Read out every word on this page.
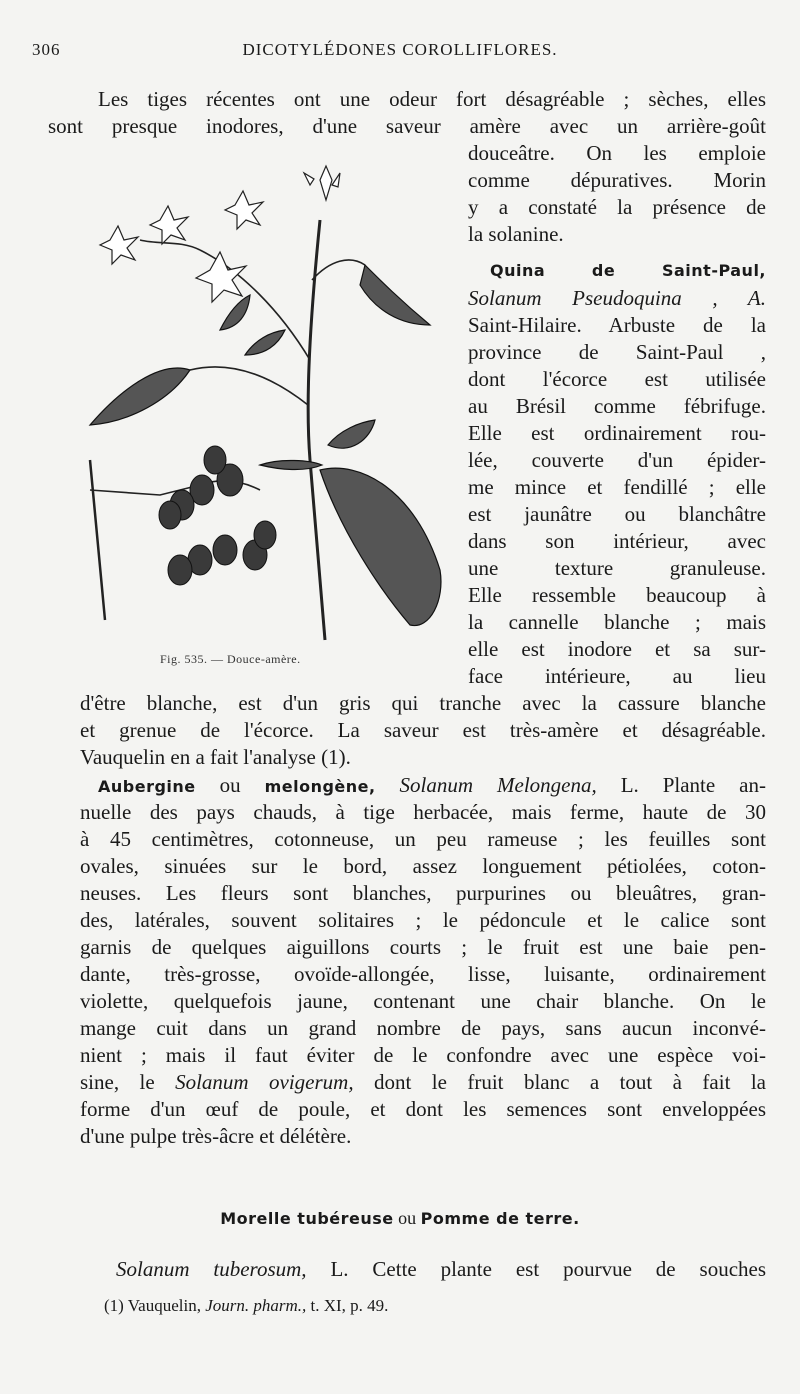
306	DICOTYLÉDONES COROLLIFLORES.
Les tiges récentes ont une odeur fort désagréable ; sèches, elles
sont presque inodores, d'une saveur amère avec un arrière-goût
douceâtre. On les emploie
comme dépuratives. Morin
y a constaté la présence de
la solanine.
Quina de Saint-Paul,
Solanum Pseudoquina , A.
Saint-Hilaire. Arbuste de la
province de Saint-Paul ,
dont l'écorce est utilisée
au Brésil comme fébrifuge.
Elle est ordinairement rou-
lée, couverte d'un épider-
me mince et fendillé ; elle
est jaunâtre ou blanchâtre
dans son intérieur, avec
une texture granuleuse.
Elle ressemble beaucoup à
la cannelle blanche ; mais
elle est inodore et sa sur-
face intérieure, au lieu
d'être blanche, est d'un gris qui tranche avec la cassure blanche
et grenue de l'écorce. La saveur est très-amère et désagréable.
Vauquelin en a fait l'analyse (1).
Aubergine ou melongène, Solanum Melongena, L. Plante an-
nuelle des pays chauds, à tige herbacée, mais ferme, haute de 30
à 45 centimètres, cotonneuse, un peu rameuse ; les feuilles sont
ovales, sinuées sur le bord, assez longuement pétiolées, coton-
neuses. Les fleurs sont blanches, purpurines ou bleuâtres, gran-
des, latérales, souvent solitaires ; le pédoncule et le calice sont
garnis de quelques aiguillons courts ; le fruit est une baie pen-
dante, très-grosse, ovoïde-allongée, lisse, luisante, ordinairement
violette, quelquefois jaune, contenant une chair blanche. On le
mange cuit dans un grand nombre de pays, sans aucun inconvé-
nient ; mais il faut éviter de le confondre avec une espèce voi-
sine, le Solanum ovigerum, dont le fruit blanc a tout à fait la
forme d'un œuf de poule, et dont les semences sont enveloppées
d'une pulpe très-âcre et délétère.
Morelle tubéreuse ou Pomme de terre.
Solanum tuberosum, L. Cette plante est pourvue de souches
(1) Vauquelin, Journ. pharm., t. XI, p. 49.
Fig. 535. — Douce-amère.
